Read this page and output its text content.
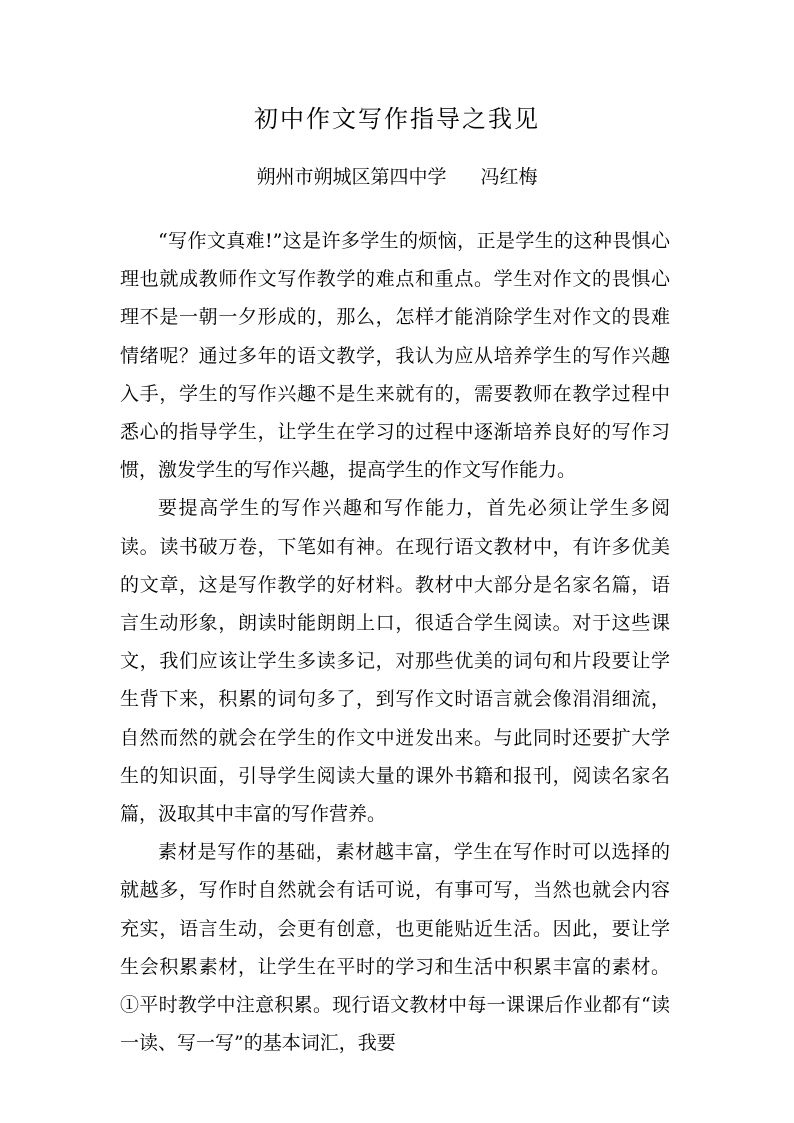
初中作文写作指导之我见
朔州市朔城区第四中学 冯红梅

“写作文真难!”这是许多学生的烦恼，正是学生的这种畏惧心理也就成教师作文写作教学的难点和重点。学生对作文的畏惧心理不是一朝一夕形成的，那么，怎样才能消除学生对作文的畏难情绪呢？通过多年的语文教学，我认为应从培养学生的写作兴趣入手，学生的写作兴趣不是生来就有的，需要教师在教学过程中悉心的指导学生，让学生在学习的过程中逐渐培养良好的写作习惯，激发学生的写作兴趣，提高学生的作文写作能力。

要提高学生的写作兴趣和写作能力，首先必须让学生多阅读。读书破万卷，下笔如有神。在现行语文教材中，有许多优美的文章，这是写作教学的好材料。教材中大部分是名家名篇，语言生动形象，朗读时能朗朗上口，很适合学生阅读。对于这些课文，我们应该让学生多读多记，对那些优美的词句和片段要让学生背下来，积累的词句多了，到写作文时语言就会像涓涓细流，自然而然的就会在学生的作文中迸发出来。与此同时还要扩大学生的知识面，引导学生阅读大量的课外书籍和报刊，阅读名家名篇，汲取其中丰富的写作营养。

素材是写作的基础，素材越丰富，学生在写作时可以选择的就越多，写作时自然就会有话可说，有事可写，当然也就会内容充实，语言生动，会更有创意，也更能贴近生活。因此，要让学生会积累素材，让学生在平时的学习和生活中积累丰富的素材。①平时教学中注意积累。现行语文教材中每一课课后作业都有“读一读、写一写”的基本词汇，我要
